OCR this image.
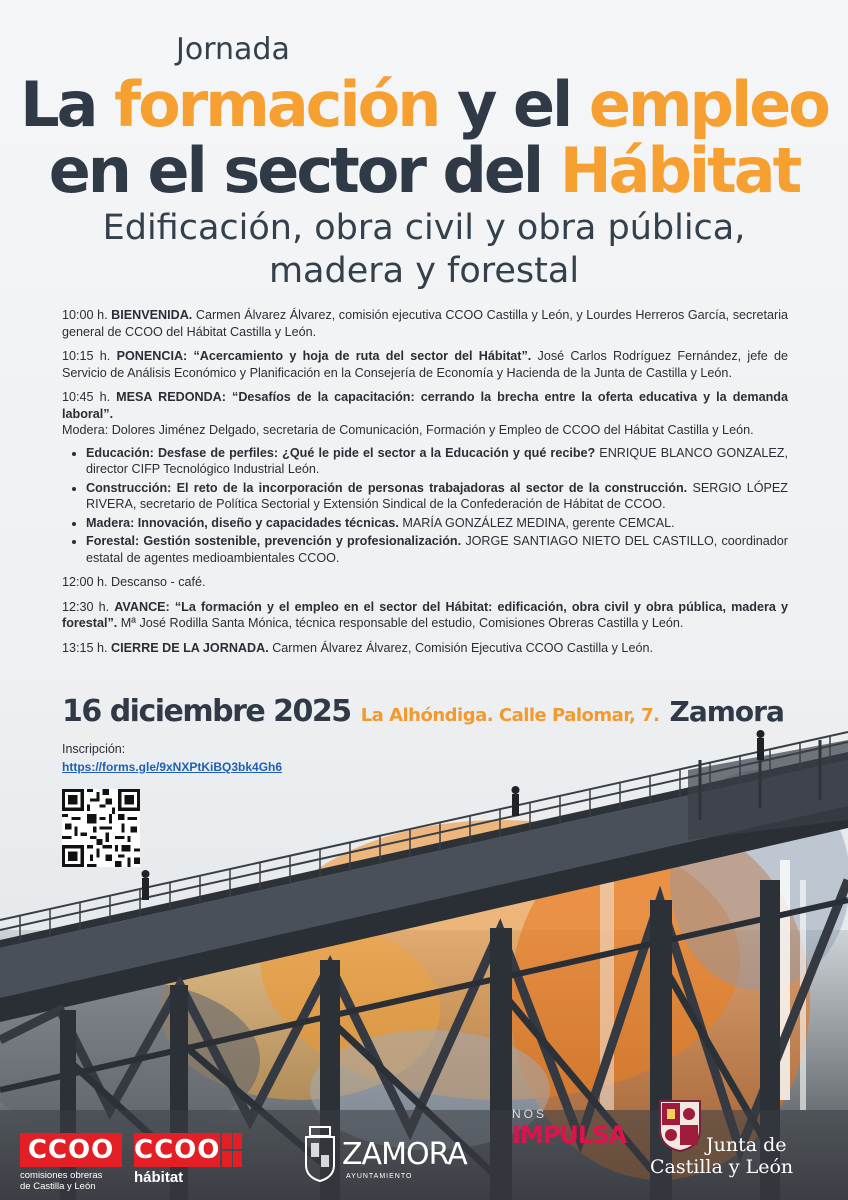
Jornada
La formación y el empleo
en el sector del Hábitat
Edificación, obra civil y obra pública,
madera y forestal

10:00 h. BIENVENIDA. Carmen Álvarez Álvarez, comisión ejecutiva CCOO Castilla y León, y Lourdes Herreros García, secretaria general de CCOO del Hábitat Castilla y León.

10:15 h. PONENCIA: “Acercamiento y hoja de ruta del sector del Hábitat”. José Carlos Rodríguez Fernández, jefe de Servicio de Análisis Económico y Planificación en la Consejería de Economía y Hacienda de la Junta de Castilla y León.

10:45 h. MESA REDONDA: “Desafíos de la capacitación: cerrando la brecha entre la oferta educativa y la demanda laboral”.
Modera: Dolores Jiménez Delgado, secretaria de Comunicación, Formación y Empleo de CCOO del Hábitat Castilla y León.

• Educación: Desfase de perfiles: ¿Qué le pide el sector a la Educación y qué recibe? ENRIQUE BLANCO GONZALEZ, director CIFP Tecnológico Industrial León.
• Construcción: El reto de la incorporación de personas trabajadoras al sector de la construcción. SERGIO LÓPEZ RIVERA, secretario de Política Sectorial y Extensión Sindical de la Confederación de Hábitat de CCOO.
• Madera: Innovación, diseño y capacidades técnicas. MARÍA GONZÁLEZ MEDINA, gerente CEMCAL.
• Forestal: Gestión sostenible, prevención y profesionalización. JORGE SANTIAGO NIETO DEL CASTILLO, coordinador estatal de agentes medioambientales CCOO.

12:00 h. Descanso - café.

12:30 h. AVANCE: “La formación y el empleo en el sector del Hábitat: edificación, obra civil y obra pública, madera y forestal”. Mª José Rodilla Santa Mónica, técnica responsable del estudio, Comisiones Obreras Castilla y León.

13:15 h. CIERRE DE LA JORNADA. Carmen Álvarez Álvarez, Comisión Ejecutiva CCOO Castilla y León.

16 diciembre 2025 La Alhóndiga. Calle Palomar, 7. Zamora
Inscripción:
https://forms.gle/9xNXPtKiBQ3bk4Gh6
CCOO
comisiones obreras
de Castilla y León
CCOO
hábitat
ZAMORA
AYUNTAMIENTO
NOS
IMPULSA	Junta de
Castilla y León
